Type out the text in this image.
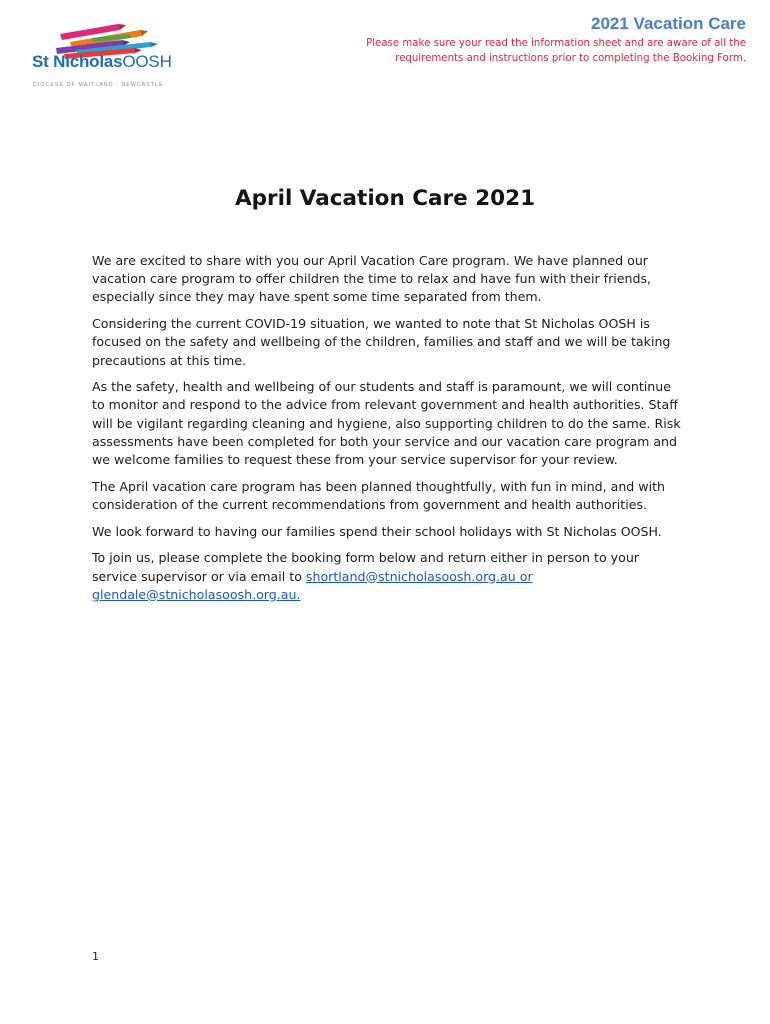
St NicholasOOSH
DIOCESE OF MAITLAND · NEWCASTLE
2021 Vacation Care
Please make sure your read the information sheet and are aware of all the
requirements and instructions prior to completing the Booking Form.
April Vacation Care 2021

We are excited to share with you our April Vacation Care program. We have planned our vacation care program to offer children the time to relax and have fun with their friends, especially since they may have spent some time separated from them.

Considering the current COVID-19 situation, we wanted to note that St Nicholas OOSH is focused on the safety and wellbeing of the children, families and staff and we will be taking precautions at this time.

As the safety, health and wellbeing of our students and staff is paramount, we will continue to monitor and respond to the advice from relevant government and health authorities. Staff will be vigilant regarding cleaning and hygiene, also supporting children to do the same. Risk assessments have been completed for both your service and our vacation care program and we welcome families to request these from your service supervisor for your review.

The April vacation care program has been planned thoughtfully, with fun in mind, and with consideration of the current recommendations from government and health authorities.

We look forward to having our families spend their school holidays with St Nicholas OOSH.

To join us, please complete the booking form below and return either in person to your service supervisor or via email to shortland@stnicholasoosh.org.au or
glendale@stnicholasoosh.org.au.

1
